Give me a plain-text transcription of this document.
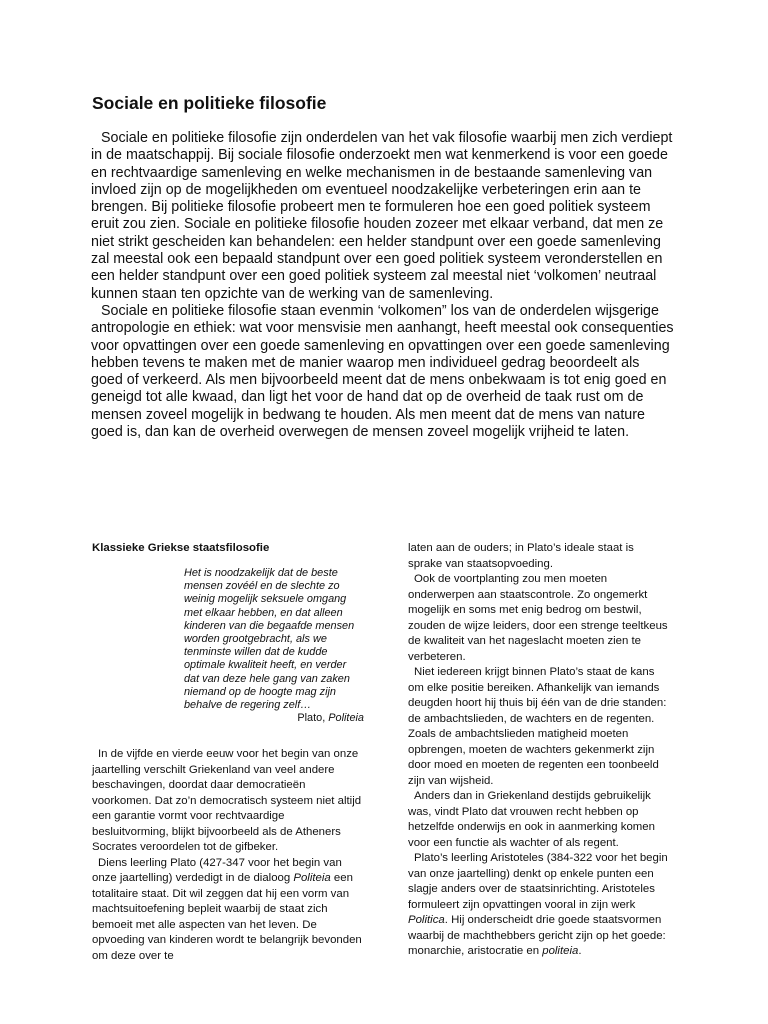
Sociale en politieke filosofie

Sociale en politieke filosofie zijn onderdelen van het vak filosofie waarbij men zich verdiept in de maatschappij. Bij sociale filosofie onderzoekt men wat kenmerkend is voor een goede en rechtvaardige samenleving en welke mechanismen in de bestaande samenleving van invloed zijn op de mogelijkheden om eventueel noodzakelijke verbeteringen erin aan te brengen. Bij politieke filosofie probeert men te formuleren hoe een goed politiek systeem eruit zou zien. Sociale en politieke filosofie houden zozeer met elkaar verband, dat men ze niet strikt gescheiden kan behandelen: een helder standpunt over een goede samenleving zal meestal ook een bepaald standpunt over een goed politiek systeem veronderstellen en een helder standpunt over een goed politiek systeem zal meestal niet ‘volkomen’ neutraal kunnen staan ten opzichte van de werking van de samenleving.

Sociale en politieke filosofie staan evenmin ‘volkomen” los van de onderdelen wijsgerige antropologie en ethiek: wat voor mensvisie men aanhangt, heeft meestal ook consequenties voor opvattingen over een goede samenleving en opvattingen over een goede samenleving hebben tevens te maken met de manier waarop men individueel gedrag beoordeelt als goed of verkeerd. Als men bijvoorbeeld meent dat de mens onbekwaam is tot enig goed en geneigd tot alle kwaad, dan ligt het voor de hand dat op de overheid de taak rust om de mensen zoveel mogelijk in bedwang te houden. Als men meent dat de mens van nature goed is, dan kan de overheid overwegen de mensen zoveel mogelijk vrijheid te laten.

Klassieke Griekse staatsfilosofie
Het is noodzakelijk dat de beste mensen zovéél en de slechte zo weinig mogelijk seksuele omgang met elkaar hebben, en dat alleen kinderen van die begaafde mensen worden grootgebracht, als we tenminste willen dat de kudde optimale kwaliteit heeft, en verder dat van deze hele gang van zaken niemand op de hoogte mag zijn behalve de regering zelf…
Plato, Politeia

In de vijfde en vierde eeuw voor het begin van onze jaartelling verschilt Griekenland van veel andere beschavingen, doordat daar democratieën voorkomen. Dat zo’n democratisch systeem niet altijd een garantie vormt voor rechtvaardige besluitvorming, blijkt bijvoorbeeld als de Atheners Socrates veroordelen tot de gifbeker.

Diens leerling Plato (427-347 voor het begin van onze jaartelling) verdedigt in de dialoog Politeia een totalitaire staat. Dit wil zeggen dat hij een vorm van machtsuitoefening bepleit waarbij de staat zich bemoeit met alle aspecten van het leven. De opvoeding van kinderen wordt te belangrijk bevonden om deze over te

laten aan de ouders; in Plato’s ideale staat is sprake van staatsopvoeding.

Ook de voortplanting zou men moeten onderwerpen aan staatscontrole. Zo ongemerkt mogelijk en soms met enig bedrog om bestwil, zouden de wijze leiders, door een strenge teeltkeus de kwaliteit van het nageslacht moeten zien te verbeteren.

Niet iedereen krijgt binnen Plato’s staat de kans om elke positie bereiken. Afhankelijk van iemands deugden hoort hij thuis bij één van de drie standen: de ambachtslieden, de wachters en de regenten. Zoals de ambachtslieden matigheid moeten opbrengen, moeten de wachters gekenmerkt zijn door moed en moeten de regenten een toonbeeld zijn van wijsheid.

Anders dan in Griekenland destijds gebruikelijk was, vindt Plato dat vrouwen recht hebben op hetzelfde onderwijs en ook in aanmerking komen voor een functie als wachter of als regent.

Plato’s leerling Aristoteles (384-322 voor het begin van onze jaartelling) denkt op enkele punten een slagje anders over de staatsinrichting. Aristoteles formuleert zijn opvattingen vooral in zijn werk Politica. Hij onderscheidt drie goede staatsvormen waarbij de machthebbers gericht zijn op het goede: monarchie, aristocratie en politeia.
